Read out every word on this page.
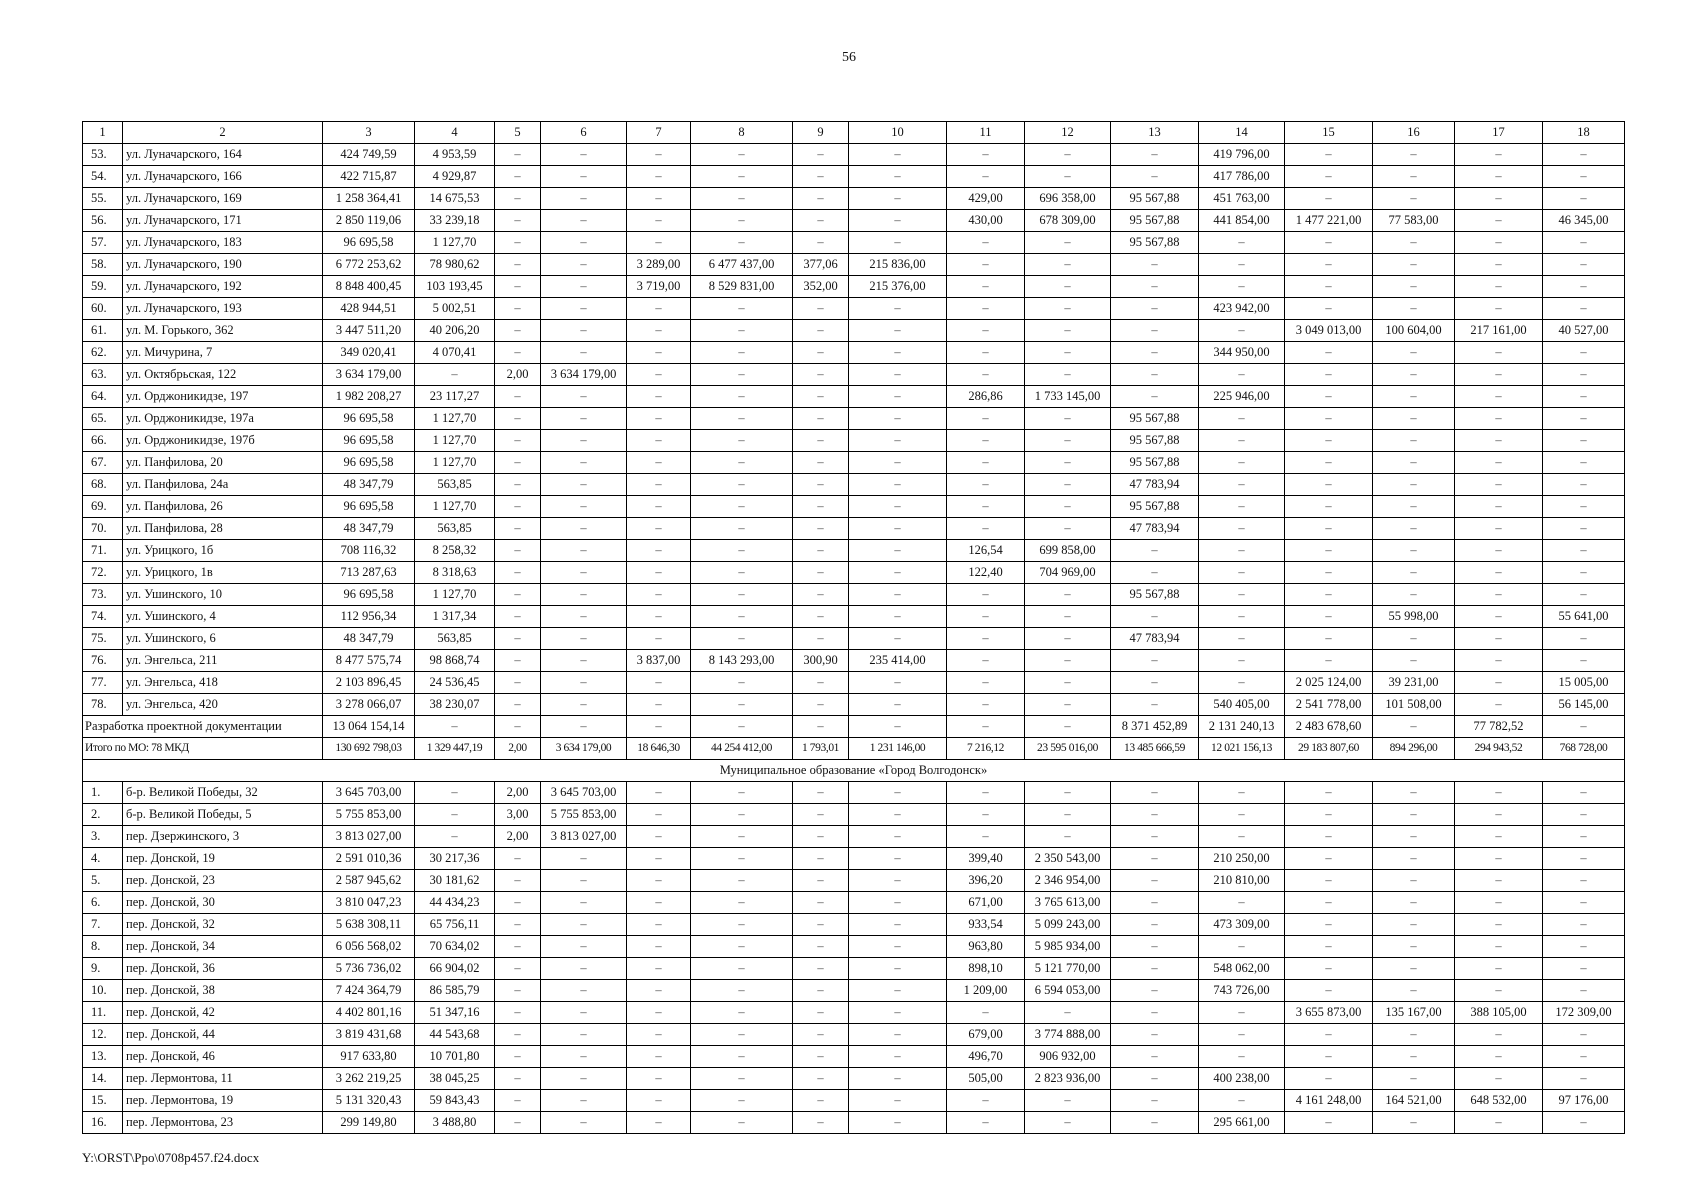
56
1	2	3	4	5	6	7	8	9	10	11	12	13	14	15	16	17	18
53.	ул. Луначарского, 164	424 749,59	4 953,59	–	–	–	–	–	–	–	–	–	419 796,00	–	–	–	–
54.	ул. Луначарского, 166	422 715,87	4 929,87	–	–	–	–	–	–	–	–	–	417 786,00	–	–	–	–
55.	ул. Луначарского, 169	1 258 364,41	14 675,53	–	–	–	–	–	–	429,00	696 358,00	95 567,88	451 763,00	–	–	–	–
56.	ул. Луначарского, 171	2 850 119,06	33 239,18	–	–	–	–	–	–	430,00	678 309,00	95 567,88	441 854,00	1 477 221,00	77 583,00	–	46 345,00
57.	ул. Луначарского, 183	96 695,58	1 127,70	–	–	–	–	–	–	–	–	95 567,88	–	–	–	–	–
58.	ул. Луначарского, 190	6 772 253,62	78 980,62	–	–	3 289,00	6 477 437,00	377,06	215 836,00	–	–	–	–	–	–	–	–
59.	ул. Луначарского, 192	8 848 400,45	103 193,45	–	–	3 719,00	8 529 831,00	352,00	215 376,00	–	–	–	–	–	–	–	–
60.	ул. Луначарского, 193	428 944,51	5 002,51	–	–	–	–	–	–	–	–	–	423 942,00	–	–	–	–
61.	ул. М. Горького, 362	3 447 511,20	40 206,20	–	–	–	–	–	–	–	–	–	–	3 049 013,00	100 604,00	217 161,00	40 527,00
62.	ул. Мичурина, 7	349 020,41	4 070,41	–	–	–	–	–	–	–	–	–	344 950,00	–	–	–	–
63.	ул. Октябрьская, 122	3 634 179,00	–	2,00	3 634 179,00	–	–	–	–	–	–	–	–	–	–	–	–
64.	ул. Орджоникидзе, 197	1 982 208,27	23 117,27	–	–	–	–	–	–	286,86	1 733 145,00	–	225 946,00	–	–	–	–
65.	ул. Орджоникидзе, 197а	96 695,58	1 127,70	–	–	–	–	–	–	–	–	95 567,88	–	–	–	–	–
66.	ул. Орджоникидзе, 197б	96 695,58	1 127,70	–	–	–	–	–	–	–	–	95 567,88	–	–	–	–	–
67.	ул. Панфилова, 20	96 695,58	1 127,70	–	–	–	–	–	–	–	–	95 567,88	–	–	–	–	–
68.	ул. Панфилова, 24а	48 347,79	563,85	–	–	–	–	–	–	–	–	47 783,94	–	–	–	–	–
69.	ул. Панфилова, 26	96 695,58	1 127,70	–	–	–	–	–	–	–	–	95 567,88	–	–	–	–	–
70.	ул. Панфилова, 28	48 347,79	563,85	–	–	–	–	–	–	–	–	47 783,94	–	–	–	–	–
71.	ул. Урицкого, 1б	708 116,32	8 258,32	–	–	–	–	–	–	126,54	699 858,00	–	–	–	–	–	–
72.	ул. Урицкого, 1в	713 287,63	8 318,63	–	–	–	–	–	–	122,40	704 969,00	–	–	–	–	–	–
73.	ул. Ушинского, 10	96 695,58	1 127,70	–	–	–	–	–	–	–	–	95 567,88	–	–	–	–	–
74.	ул. Ушинского, 4	112 956,34	1 317,34	–	–	–	–	–	–	–	–	–	–	–	55 998,00	–	55 641,00
75.	ул. Ушинского, 6	48 347,79	563,85	–	–	–	–	–	–	–	–	47 783,94	–	–	–	–	–
76.	ул. Энгельса, 211	8 477 575,74	98 868,74	–	–	3 837,00	8 143 293,00	300,90	235 414,00	–	–	–	–	–	–	–	–
77.	ул. Энгельса, 418	2 103 896,45	24 536,45	–	–	–	–	–	–	–	–	–	–	2 025 124,00	39 231,00	–	15 005,00
78.	ул. Энгельса, 420	3 278 066,07	38 230,07	–	–	–	–	–	–	–	–	–	540 405,00	2 541 778,00	101 508,00	–	56 145,00
Разработка проектной документации		13 064 154,14	–	–	–	–	–	–	–	–	–	8 371 452,89	2 131 240,13	2 483 678,60	–	77 782,52	–
Итого по МО: 78 МКД		130 692 798,03	1 329 447,19	2,00	3 634 179,00	18 646,30	44 254 412,00	1 793,01	1 231 146,00	7 216,12	23 595 016,00	13 485 666,59	12 021 156,13	29 183 807,60	894 296,00	294 943,52	768 728,00
Муниципальное образование «Город Волгодонск»																	
1.	б-р. Великой Победы, 32	3 645 703,00	–	2,00	3 645 703,00	–	–	–	–	–	–	–	–	–	–	–	–
2.	б-р. Великой Победы, 5	5 755 853,00	–	3,00	5 755 853,00	–	–	–	–	–	–	–	–	–	–	–	–
3.	пер. Дзержинского, 3	3 813 027,00	–	2,00	3 813 027,00	–	–	–	–	–	–	–	–	–	–	–	–
4.	пер. Донской, 19	2 591 010,36	30 217,36	–	–	–	–	–	–	399,40	2 350 543,00	–	210 250,00	–	–	–	–
5.	пер. Донской, 23	2 587 945,62	30 181,62	–	–	–	–	–	–	396,20	2 346 954,00	–	210 810,00	–	–	–	–
6.	пер. Донской, 30	3 810 047,23	44 434,23	–	–	–	–	–	–	671,00	3 765 613,00	–	–	–	–	–	–
7.	пер. Донской, 32	5 638 308,11	65 756,11	–	–	–	–	–	–	933,54	5 099 243,00	–	473 309,00	–	–	–	–
8.	пер. Донской, 34	6 056 568,02	70 634,02	–	–	–	–	–	–	963,80	5 985 934,00	–	–	–	–	–	–
9.	пер. Донской, 36	5 736 736,02	66 904,02	–	–	–	–	–	–	898,10	5 121 770,00	–	548 062,00	–	–	–	–
10.	пер. Донской, 38	7 424 364,79	86 585,79	–	–	–	–	–	–	1 209,00	6 594 053,00	–	743 726,00	–	–	–	–
11.	пер. Донской, 42	4 402 801,16	51 347,16	–	–	–	–	–	–	–	–	–	–	3 655 873,00	135 167,00	388 105,00	172 309,00
12.	пер. Донской, 44	3 819 431,68	44 543,68	–	–	–	–	–	–	679,00	3 774 888,00	–	–	–	–	–	–
13.	пер. Донской, 46	917 633,80	10 701,80	–	–	–	–	–	–	496,70	906 932,00	–	–	–	–	–	–
14.	пер. Лермонтова, 11	3 262 219,25	38 045,25	–	–	–	–	–	–	505,00	2 823 936,00	–	400 238,00	–	–	–	–
15.	пер. Лермонтова, 19	5 131 320,43	59 843,43	–	–	–	–	–	–	–	–	–	–	4 161 248,00	164 521,00	648 532,00	97 176,00
16.	пер. Лермонтова, 23	299 149,80	3 488,80	–	–	–	–	–	–	–	–	–	295 661,00	–	–	–	–
Y:\ORST\Ppo\0708p457.f24.docx
